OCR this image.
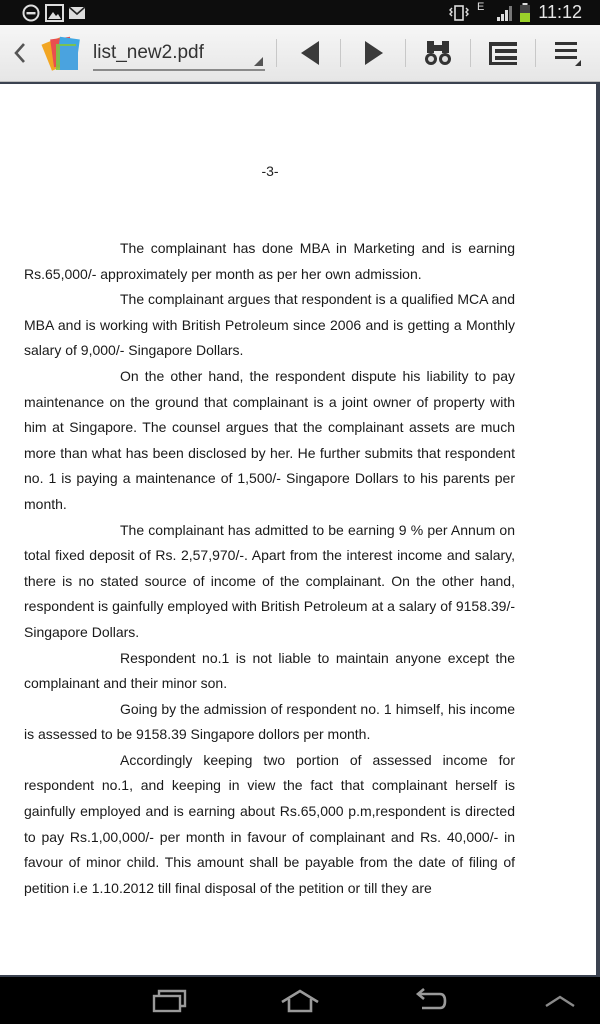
E	11:12
list_new2.pdf
-3-

The complainant has done MBA in Marketing and is earning Rs.65,000/- approximately per month as per her own admission.

The complainant argues that respondent is a qualified MCA and MBA and is working with British Petroleum since 2006 and is getting a Monthly salary of 9,000/- Singapore Dollars.

On the other hand, the respondent dispute his liability to pay maintenance on the ground that complainant is a joint owner of property with him at Singapore. The counsel argues that the complainant assets are much more than what has been disclosed by her. He further submits that respondent no. 1 is paying a maintenance of 1,500/- Singapore Dollars to his parents per month.

The complainant has admitted to be earning 9 % per Annum on total fixed deposit of Rs. 2,57,970/-. Apart from the interest income and salary, there is no stated source of income of the complainant. On the other hand, respondent is gainfully employed with British Petroleum at a salary of 9158.39/- Singapore Dollars.

Respondent no.1 is not liable to maintain anyone except the complainant and their minor son.

Going by the admission of respondent no. 1 himself, his income is assessed to be 9158.39 Singapore dollors per month.

Accordingly keeping two portion of assessed income for respondent no.1, and keeping in view the fact that complainant herself is gainfully employed and is earning about Rs.65,000 p.m,respondent is directed to pay Rs.1,00,000/- per month in favour of complainant and Rs. 40,000/- in favour of minor child. This amount shall be payable from the date of filing of petition i.e 1.10.2012 till final disposal of the petition or till they are
